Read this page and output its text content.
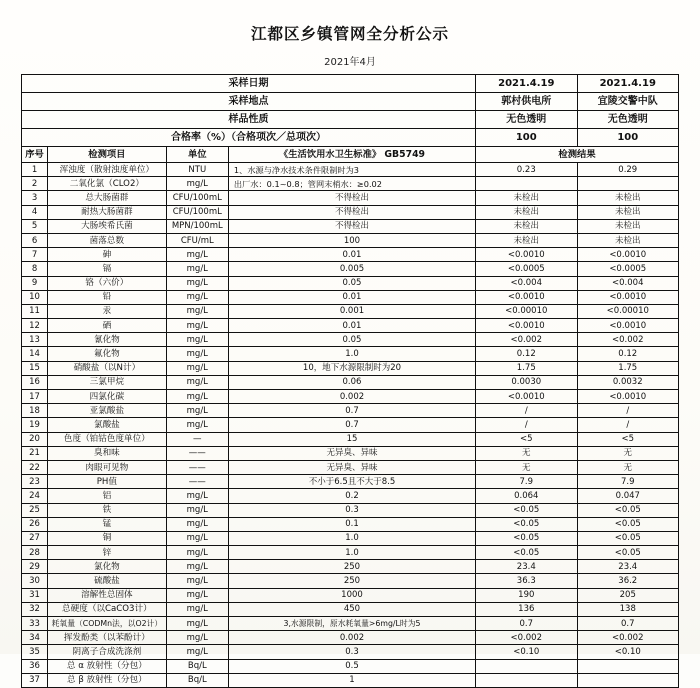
江都区乡镇管网全分析公示
2021年4月
采样日期				2021.4.19	2021.4.19
采样地点				郭村供电所	宜陵交警中队
样品性质				无色透明	无色透明
合格率（%）（合格项次／总项次）				100	100
序号	检测项目	单位	《生活饮用水卫生标准》 GB5749	检测结果	
1	浑浊度（散射浊度单位）	NTU	1、水源与净水技术条件限制时为3	0.23	0.29
2	二氧化氯（CLO2）	mg/L	出厂水：0.1~0.8；管网末梢水：≥0.02		
3	总大肠菌群	CFU/100mL	不得检出	未检出	未检出
4	耐热大肠菌群	CFU/100mL	不得检出	未检出	未检出
5	大肠埃希氏菌	MPN/100mL	不得检出	未检出	未检出
6	菌落总数	CFU/mL	100	未检出	未检出
7	砷	mg/L	0.01	<0.0010	<0.0010
8	镉	mg/L	0.005	<0.0005	<0.0005
9	铬（六价）	mg/L	0.05	<0.004	<0.004
10	铅	mg/L	0.01	<0.0010	<0.0010
11	汞	mg/L	0.001	<0.00010	<0.00010
12	硒	mg/L	0.01	<0.0010	<0.0010
13	氰化物	mg/L	0.05	<0.002	<0.002
14	氟化物	mg/L	1.0	0.12	0.12
15	硝酸盐（以N计）	mg/L	10，地下水源限制时为20	1.75	1.75
16	三氯甲烷	mg/L	0.06	0.0030	0.0032
17	四氯化碳	mg/L	0.002	<0.0010	<0.0010
18	亚氯酸盐	mg/L	0.7	/	/
19	氯酸盐	mg/L	0.7	/	/
20	色度（铂钴色度单位）	—	15	<5	<5
21	臭和味	——	无异臭、异味	无	无
22	肉眼可见物	——	无异臭、异味	无	无
23	PH值	——	不小于6.5且不大于8.5	7.9	7.9
24	铝	mg/L	0.2	0.064	0.047
25	铁	mg/L	0.3	<0.05	<0.05
26	锰	mg/L	0.1	<0.05	<0.05
27	铜	mg/L	1.0	<0.05	<0.05
28	锌	mg/L	1.0	<0.05	<0.05
29	氯化物	mg/L	250	23.4	23.4
30	硫酸盐	mg/L	250	36.3	36.2
31	溶解性总固体	mg/L	1000	190	205
32	总硬度（以CaCO3计）	mg/L	450	136	138
33	耗氧量（CODMn法，以O2计）	mg/L	3,水源限制，原水耗氧量>6mg/L时为5	0.7	0.7
34	挥发酚类（以苯酚计）	mg/L	0.002	<0.002	<0.002
35	阴离子合成洗涤剂	mg/L	0.3	<0.10	<0.10
36	总 α 放射性（分包）	Bq/L	0.5		
37	总 β 放射性（分包）	Bq/L	1		
